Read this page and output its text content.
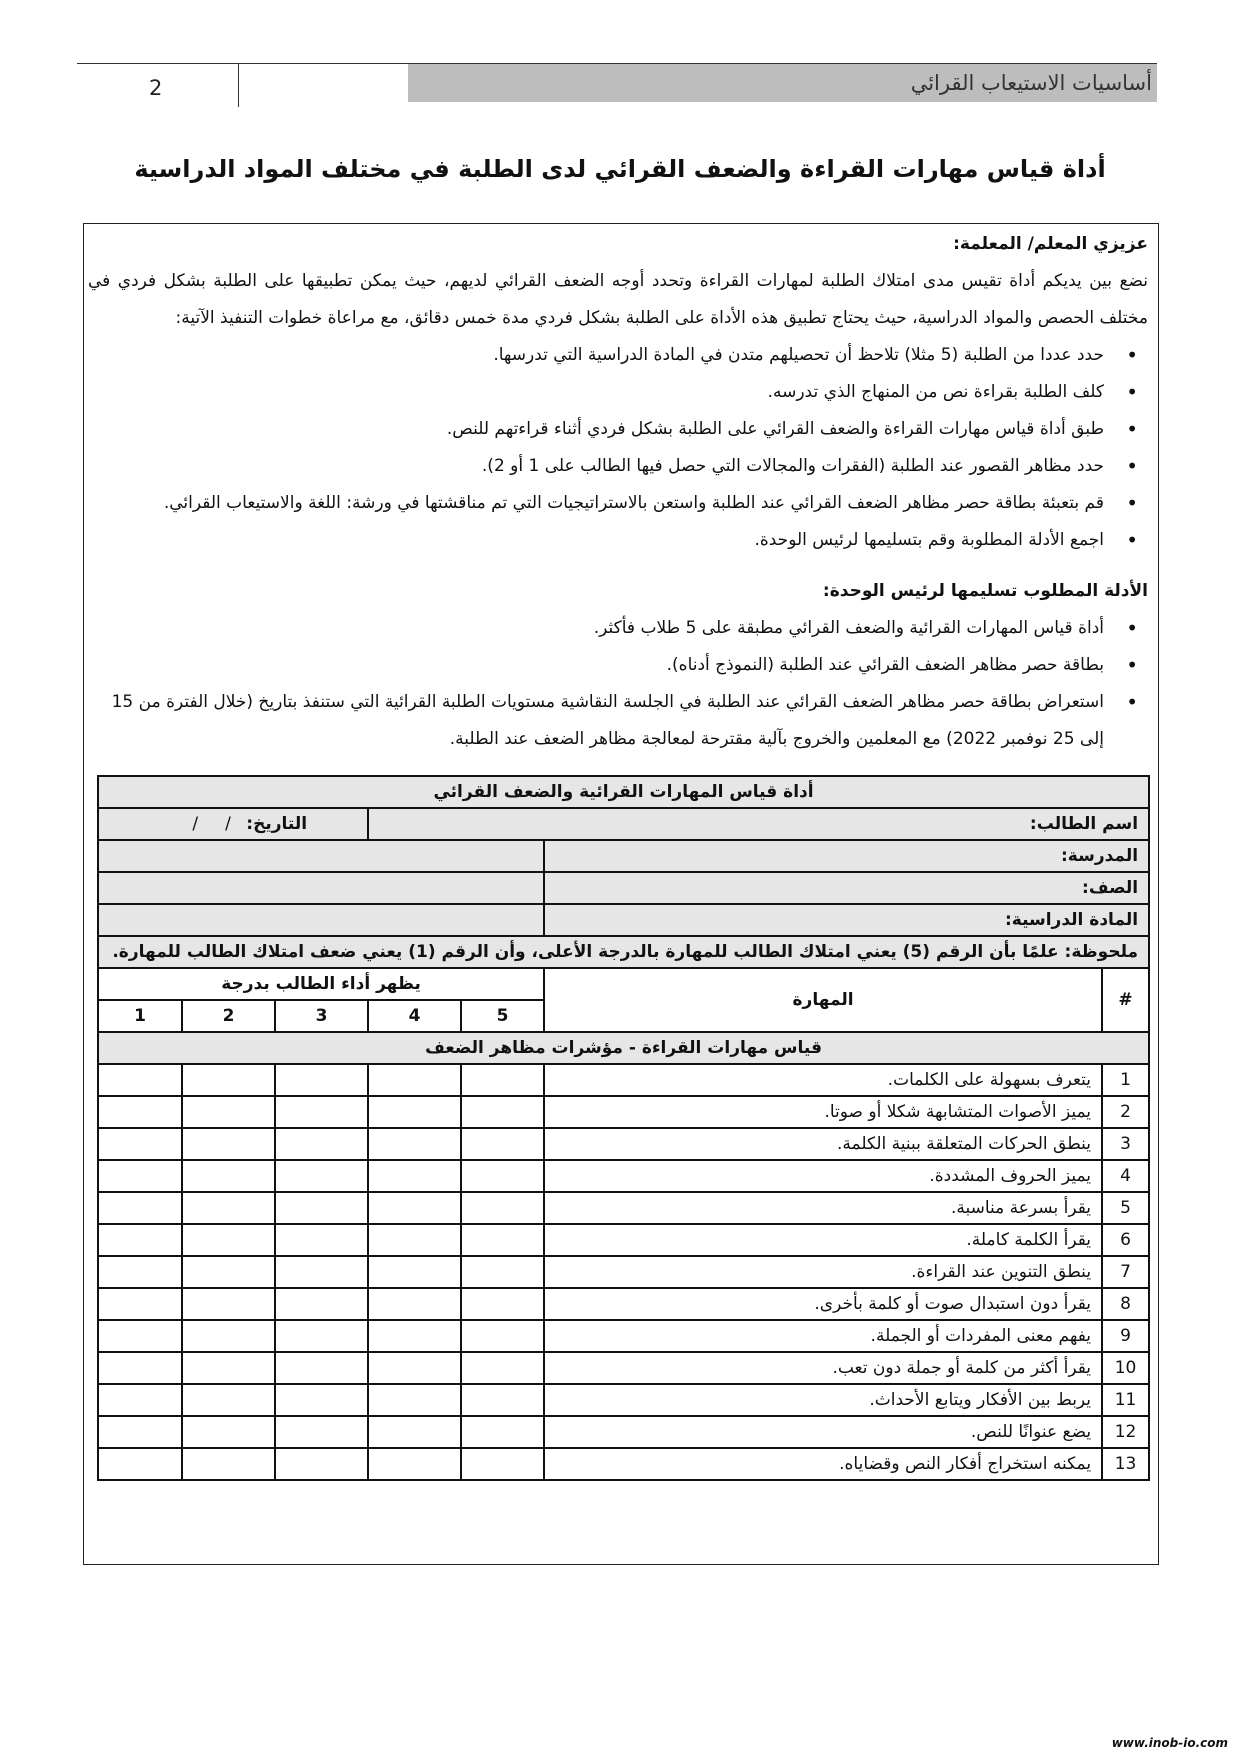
أساسيات الاستيعاب القرائي
2
أداة قياس مهارات القراءة والضعف القرائي لدى الطلبة في مختلف المواد الدراسية
عزيزي المعلم/ المعلمة:
نضع بين يديكم أداة تقيس مدى امتلاك الطلبة لمهارات القراءة وتحدد أوجه الضعف القرائي لديهم، حيث يمكن تطبيقها على الطلبة بشكل فردي في مختلف الحصص والمواد الدراسية، حيث يحتاج تطبيق هذه الأداة على الطلبة بشكل فردي مدة خمس دقائق، مع مراعاة خطوات التنفيذ الآتية:
• حدد عددا من الطلبة (5 مثلا) تلاحظ أن تحصيلهم متدن في المادة الدراسية التي تدرسها.
• كلف الطلبة بقراءة نص من المنهاج الذي تدرسه.
• طبق أداة قياس مهارات القراءة والضعف القرائي على الطلبة بشكل فردي أثناء قراءتهم للنص.
• حدد مظاهر القصور عند الطلبة (الفقرات والمجالات التي حصل فيها الطالب على 1 أو 2).
• قم بتعبئة بطاقة حصر مظاهر الضعف القرائي عند الطلبة واستعن بالاستراتيجيات التي تم مناقشتها في ورشة: اللغة والاستيعاب القرائي.
• اجمع الأدلة المطلوبة وقم بتسليمها لرئيس الوحدة.
الأدلة المطلوب تسليمها لرئيس الوحدة:
• أداة قياس المهارات القرائية والضعف القرائي مطبقة على 5 طلاب فأكثر.
• بطاقة حصر مظاهر الضعف القرائي عند الطلبة (النموذج أدناه).
• استعراض بطاقة حصر مظاهر الضعف القرائي عند الطلبة في الجلسة النقاشية مستويات الطلبة القرائية التي ستنفذ بتاريخ (خلال الفترة من 15 إلى 25 نوفمبر 2022) مع المعلمين والخروج بآلية مقترحة لمعالجة مظاهر الضعف عند الطلبة.
أداة قياس المهارات القرائية والضعف القرائي						
اسم الطالب:				التاريخ: /     /		
المدرسة:						
الصف:						
المادة الدراسية:						
ملحوظة: علمًا بأن الرقم (5) يعني امتلاك الطالب للمهارة بالدرجة الأعلى، وأن الرقم (1) يعني ضعف امتلاك الطالب للمهارة.						
#	المهارة	يظهر أداء الطالب بدرجة				
		5	4	3	2	1
قياس مهارات القراءة - مؤشرات مظاهر الضعف						
1	يتعرف بسهولة على الكلمات.					
2	يميز الأصوات المتشابهة شكلا أو صوتا.					
3	ينطق الحركات المتعلقة ببنية الكلمة.					
4	يميز الحروف المشددة.					
5	يقرأ بسرعة مناسبة.					
6	يقرأ الكلمة كاملة.					
7	ينطق التنوين عند القراءة.					
8	يقرأ دون استبدال صوت أو كلمة بأخرى.					
9	يفهم معنى المفردات أو الجملة.					
10	يقرأ أكثر من كلمة أو جملة دون تعب.					
11	يربط بين الأفكار ويتابع الأحداث.					
12	يضع عنوانًا للنص.					
13	يمكنه استخراج أفكار النص وقضاياه.					
www.inob-io.com
